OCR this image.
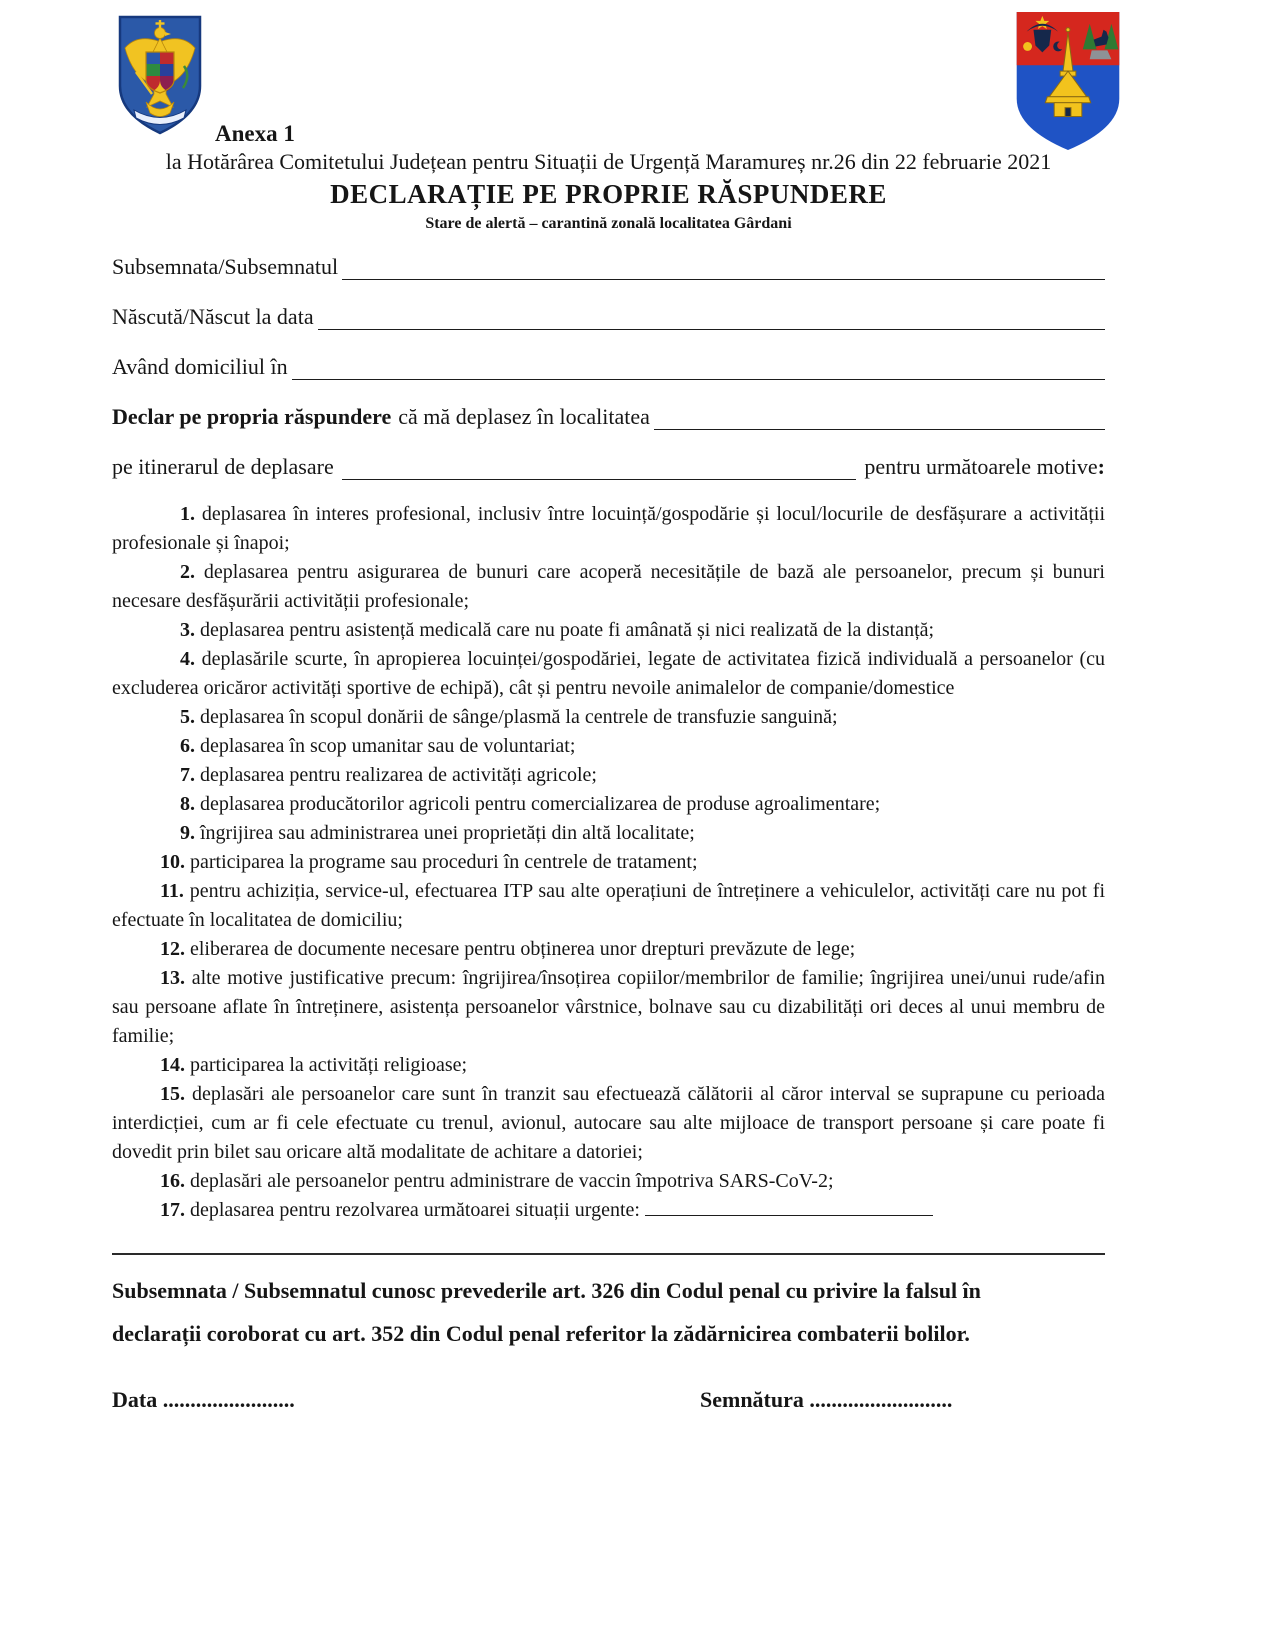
Anexa 1
la Hotărârea Comitetului Județean pentru Situații de Urgență Maramureș nr.26 din 22 februarie 2021
DECLARAȚIE PE PROPRIE RĂSPUNDERE
Stare de alertă – carantină zonală localitatea Gârdani
Subsemnata/Subsemnatul
Născută/Născut la data
Având domiciliul în
Declar pe propria răspundere că mă deplasez în localitatea
pe itinerarul de deplasare	pentru următoarele motive :

1. deplasarea în interes profesional, inclusiv între locuință/gospodărie și locul/locurile de desfășurare a activității profesionale și înapoi;

2. deplasarea pentru asigurarea de bunuri care acoperă necesitățile de bază ale persoanelor, precum și bunuri necesare desfășurării activității profesionale;

3. deplasarea pentru asistență medicală care nu poate fi amânată și nici realizată de la distanță;

4. deplasările scurte, în apropierea locuinței/gospodăriei, legate de activitatea fizică individuală a persoanelor (cu excluderea oricăror activități sportive de echipă), cât și pentru nevoile animalelor de companie/domestice

5. deplasarea în scopul donării de sânge/plasmă la centrele de transfuzie sanguină;

6. deplasarea în scop umanitar sau de voluntariat;

7. deplasarea pentru realizarea de activități agricole;

8. deplasarea producătorilor agricoli pentru comercializarea de produse agroalimentare;

9. îngrijirea sau administrarea unei proprietăți din altă localitate;

10. participarea la programe sau proceduri în centrele de tratament;

11. pentru achiziția, service-ul, efectuarea ITP sau alte operațiuni de întreținere a vehiculelor, activități care nu pot fi efectuate în localitatea de domiciliu;

12. eliberarea de documente necesare pentru obținerea unor drepturi prevăzute de lege;

13. alte motive justificative precum: îngrijirea/însoțirea copiilor/membrilor de familie; îngrijirea unei/unui rude/afin sau persoane aflate în întreținere, asistența persoanelor vârstnice, bolnave sau cu dizabilități ori deces al unui membru de familie;

14. participarea la activități religioase;

15. deplasări ale persoanelor care sunt în tranzit sau efectuează călătorii al căror interval se suprapune cu perioada interdicției, cum ar fi cele efectuate cu trenul, avionul, autocare sau alte mijloace de transport persoane și care poate fi dovedit prin bilet sau oricare altă modalitate de achitare a datoriei;

16. deplasări ale persoanelor pentru administrare de vaccin împotriva SARS-CoV-2;

17. deplasarea pentru rezolvarea următoarei situații urgente:

Subsemnata / Subsemnatul cunosc prevederile art. 326 din Codul penal cu privire la falsul în
declarații coroborat cu art. 352 din Codul penal referitor la zădărnicirea combaterii bolilor.
Data ........................	Semnătura ..........................
